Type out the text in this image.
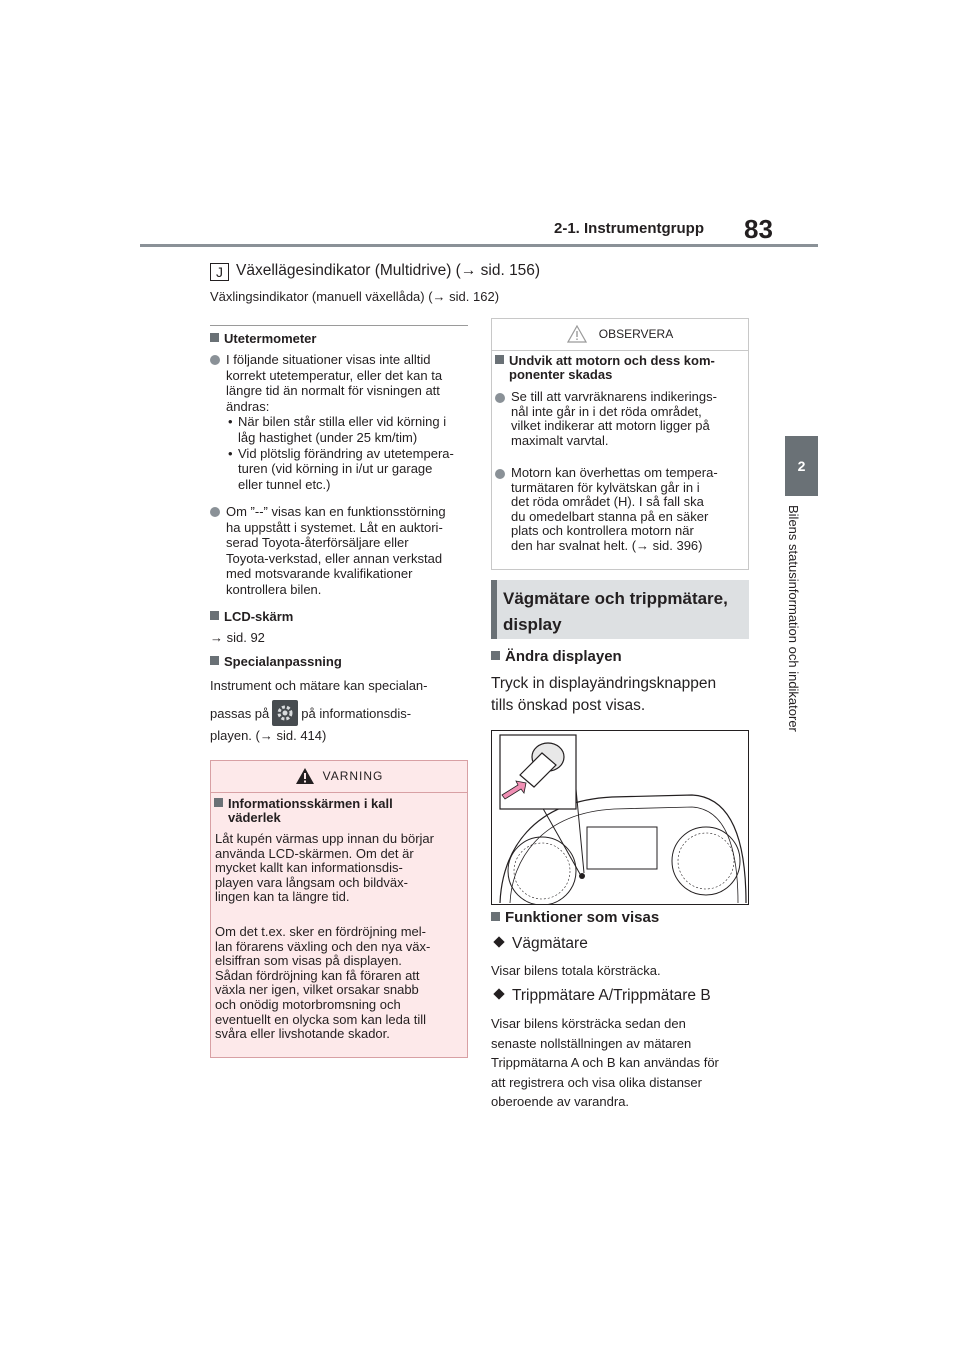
2-1. Instrumentgrupp 83
2
Bilens statusinformation och indikatorer
J Växellägesindikator (Multidrive) (→ sid. 156)
Växlingsindikator (manuell växellåda) (→ sid. 162)
Utetermometer
I följande situationer visas inte alltid
korrekt utetemperatur, eller det kan ta
längre tid än normalt för visningen att
ändras:
• När bilen står stilla eller vid körning i
låg hastighet (under 25 km/tim)
• Vid plötslig förändring av utetempera-
turen (vid körning in i/ut ur garage
eller tunnel etc.)
Om ”--” visas kan en funktionsstörning
ha uppstått i systemet. Låt en auktori-
serad Toyota-återförsäljare eller
Toyota-verkstad, eller annan verkstad
med motsvarande kvalifikationer
kontrollera bilen.
LCD-skärm
→ sid. 92
Specialanpassning
Instrument och mätare kan specialan-
passas på på informationsdis-
playen. (→ sid. 414)
VARNING
Informationsskärmen i kall
väderlek
Låt kupén värmas upp innan du börjar
använda LCD-skärmen. Om det är
mycket kallt kan informationsdis-
playen vara långsam och bildväx-
lingen kan ta längre tid.
Om det t.ex. sker en fördröjning mel-
lan förarens växling och den nya väx-
elsiffran som visas på displayen.
Sådan fördröjning kan få föraren att
växla ner igen, vilket orsakar snabb
och onödig motorbromsning och
eventuellt en olycka som kan leda till
svåra eller livshotande skador.
OBSERVERA
Undvik att motorn och dess kom-
ponenter skadas
Se till att varvräknarens indikerings-
nål inte går in i det röda området,
vilket indikerar att motorn ligger på
maximalt varvtal.
Motorn kan överhettas om tempera-
turmätaren för kylvätskan går in i
det röda området (H). I så fall ska
du omedelbart stanna på en säker
plats och kontrollera motorn när
den har svalnat helt. (→ sid. 396)
Vägmätare och trippmätare,
display
Ändra displayen
Tryck in displayändringsknappen
tills önskad post visas.
Funktioner som visas
Vägmätare
Visar bilens totala körsträcka.
Trippmätare A/Trippmätare B
Visar bilens körsträcka sedan den
senaste nollställningen av mätaren
Trippmätarna A och B kan användas för
att registrera och visa olika distanser
oberoende av varandra.
